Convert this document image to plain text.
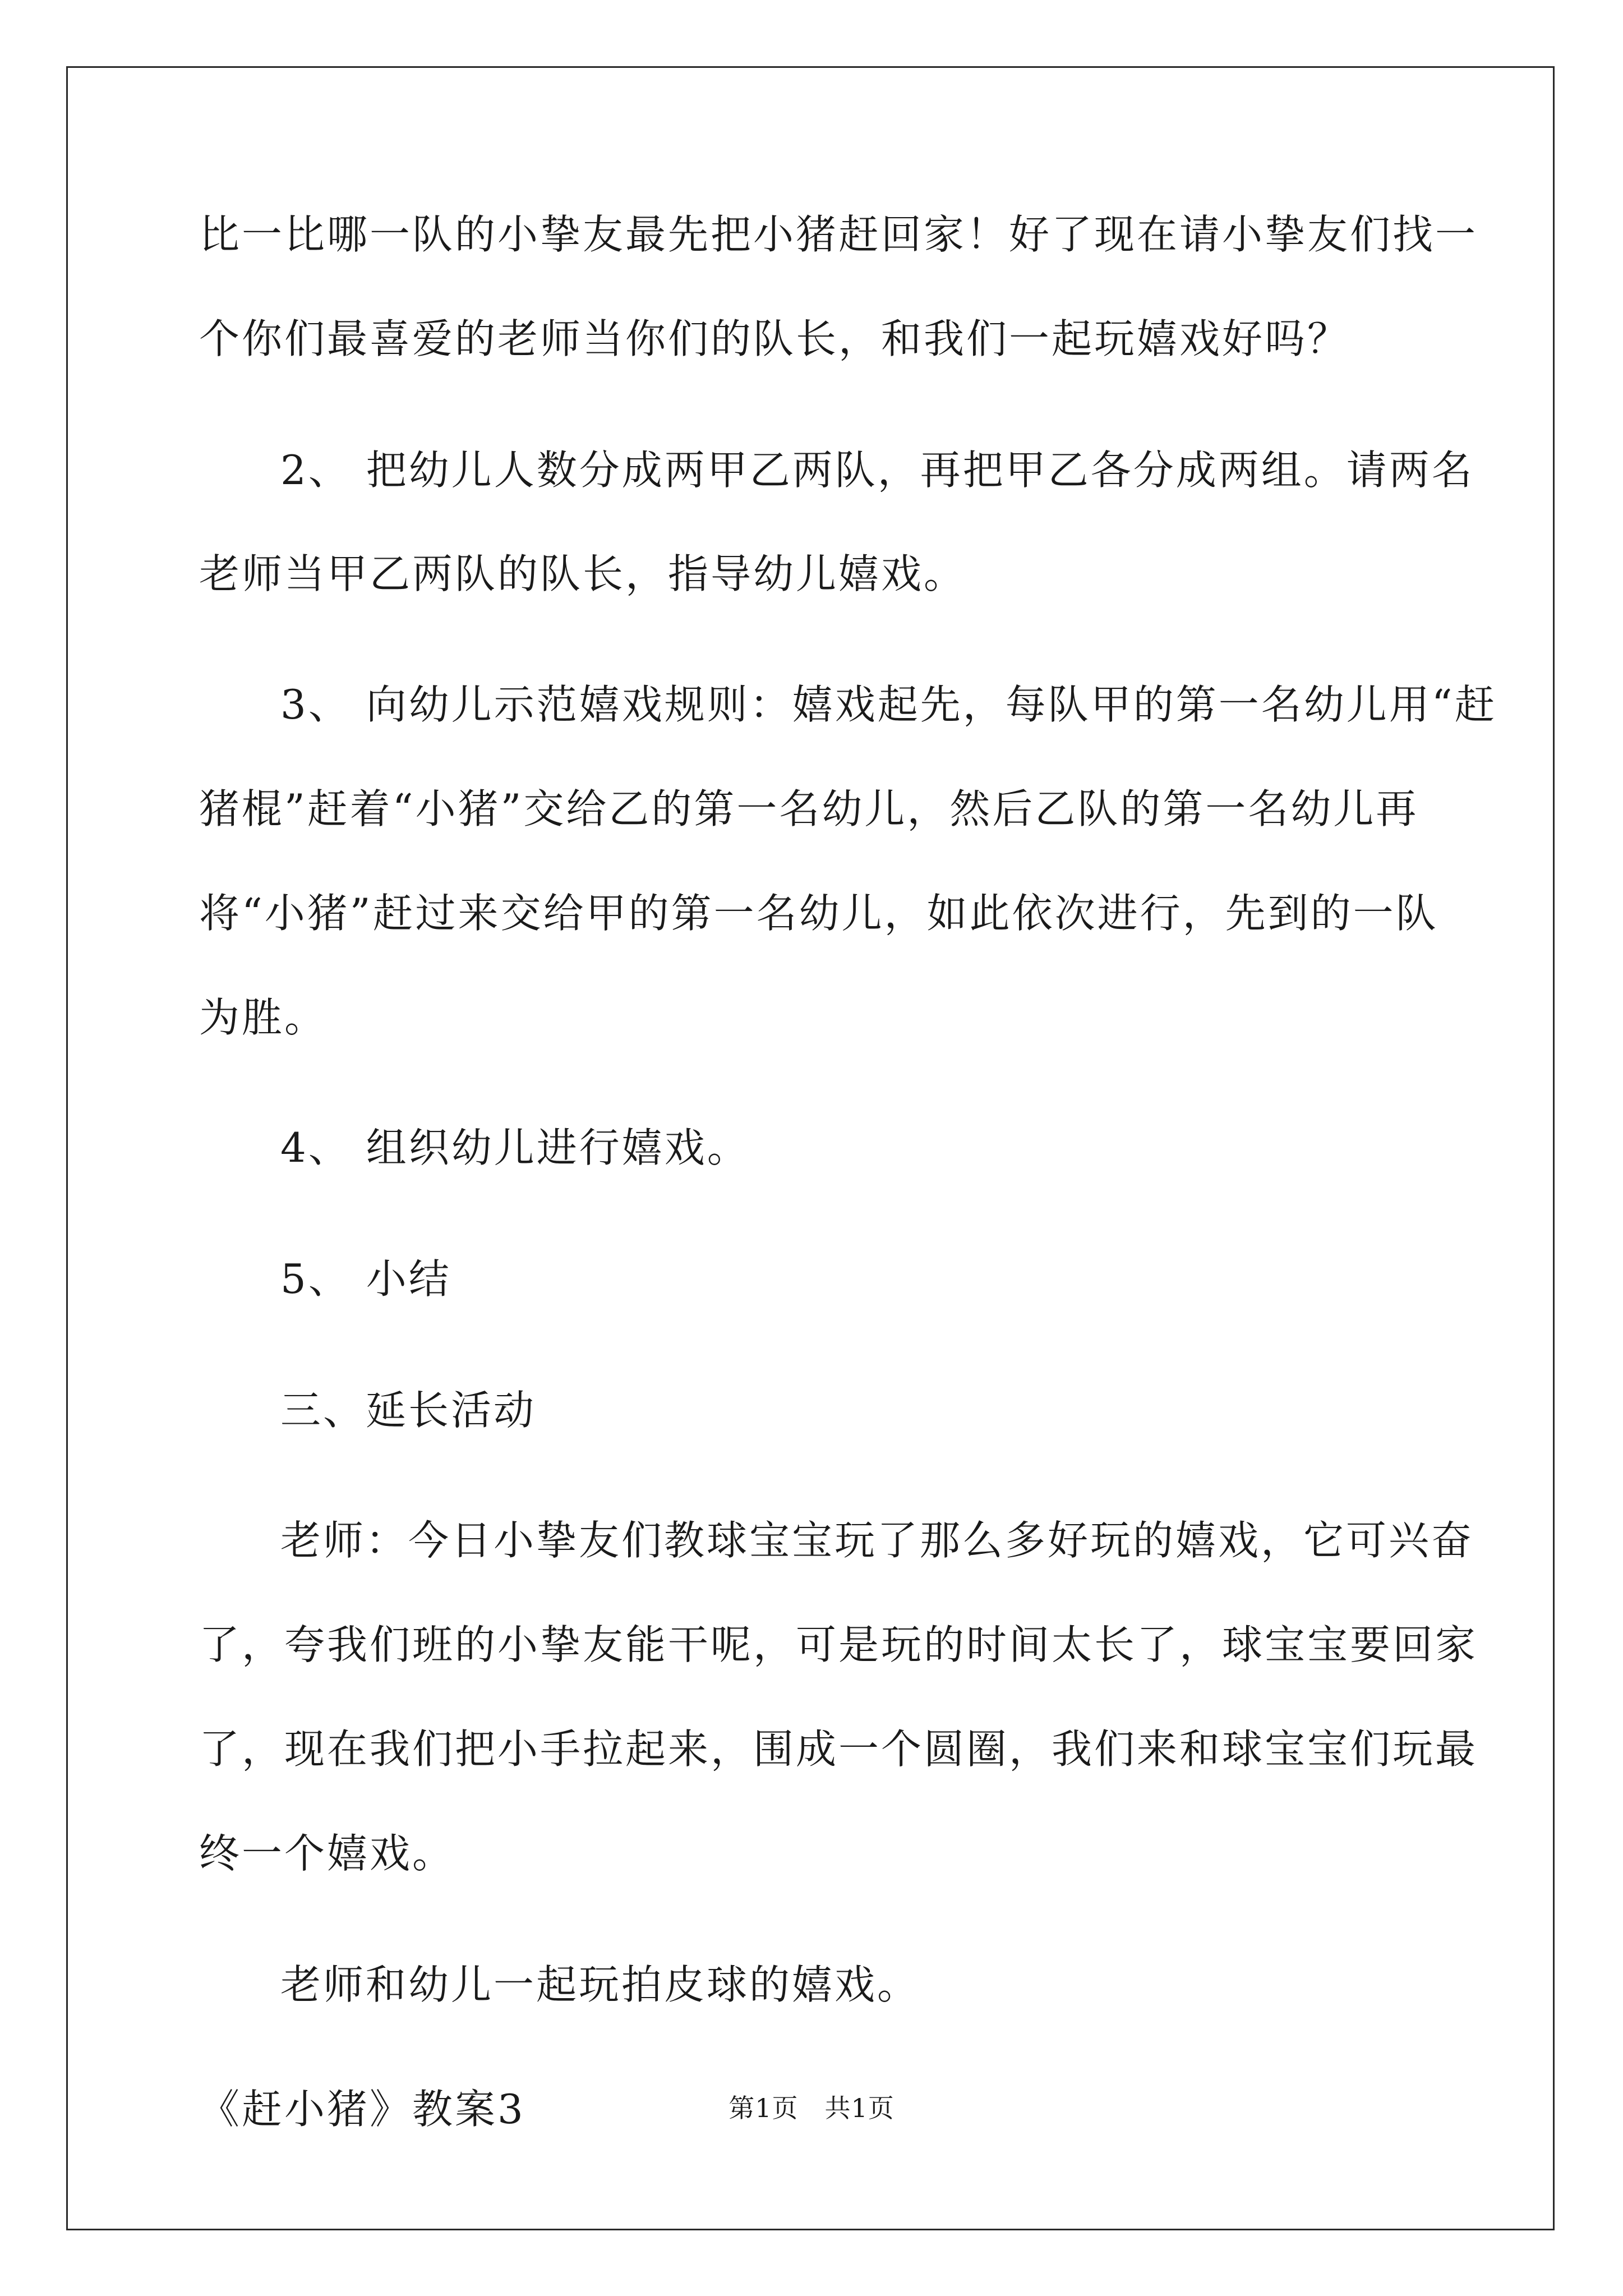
比一比哪一队的小挚友最先把小猪赶回家！好了现在请小挚友们找一
个你们最喜爱的老师当你们的队长，和我们一起玩嬉戏好吗？
2、 把幼儿人数分成两甲乙两队，再把甲乙各分成两组。请两名
老师当甲乙两队的队长，指导幼儿嬉戏。
3、 向幼儿示范嬉戏规则：嬉戏起先，每队甲的第一名幼儿用“赶
猪棍”赶着“小猪”交给乙的第一名幼儿，然后乙队的第一名幼儿再
将“小猪”赶过来交给甲的第一名幼儿，如此依次进行，先到的一队
为胜。
4、 组织幼儿进行嬉戏。
5、 小结
三、延长活动
老师：今日小挚友们教球宝宝玩了那么多好玩的嬉戏，它可兴奋
了，夸我们班的小挚友能干呢，可是玩的时间太长了，球宝宝要回家
了，现在我们把小手拉起来，围成一个圆圈，我们来和球宝宝们玩最
终一个嬉戏。
老师和幼儿一起玩拍皮球的嬉戏。
《赶小猪》教案3	第1页　共1页
